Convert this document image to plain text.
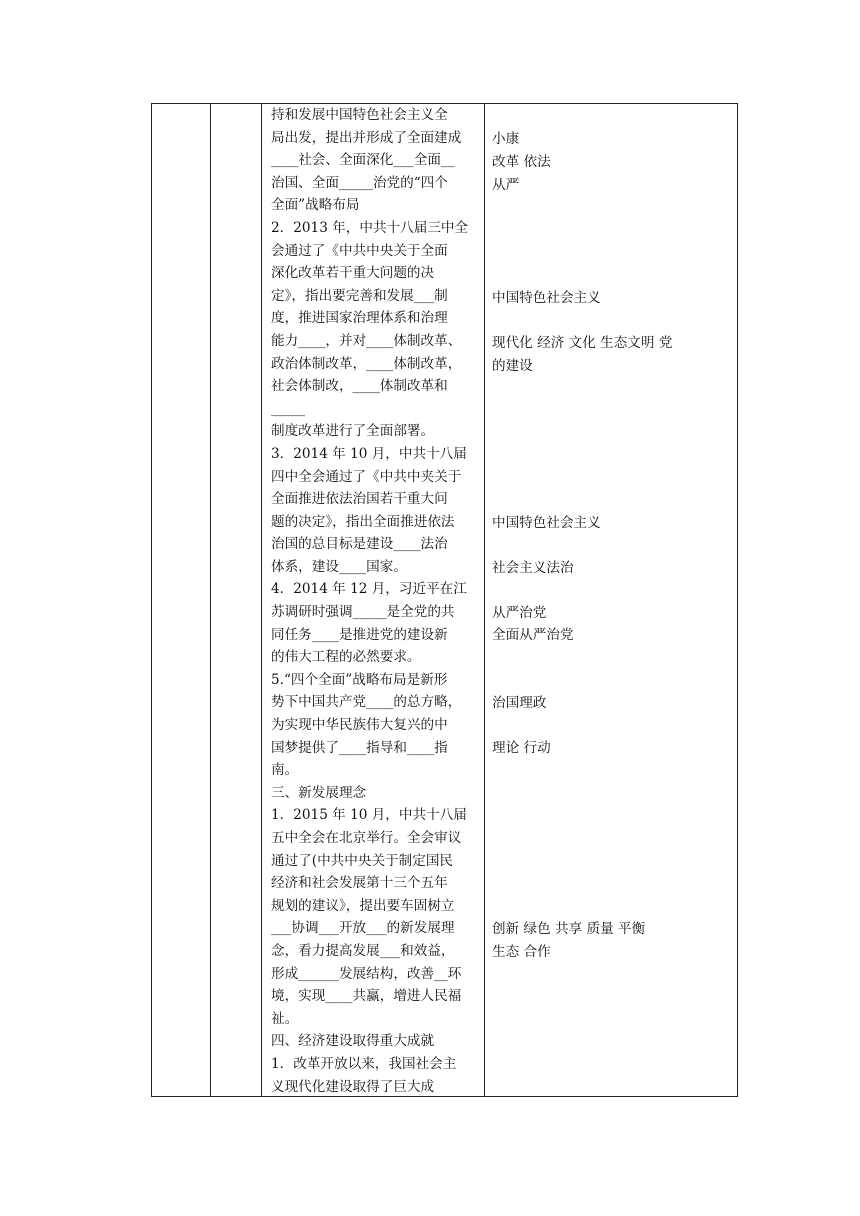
持和发展中国特色社会主义全

局出发，提出并形成了全面建成

____社会、全面深化___全面__

治国、全面_____治党的“四个

全面”战略布局

2．2013 年，中共十八届三中全

会通过了《中共中央关于全面

深化改革若干重大问题的决

定》，指出要完善和发展___制

度，推进国家治理体系和治理

能力____，并对____体制改革、

政治体制改革，____体制改革，

社会体制改，____体制改革和

_____

制度改革进行了全面部署。

3．2014 年 10 月，中共十八届

四中全会通过了《中共中夹关于

全面推进依法治国若干重大问

题的决定》，指出全面推进依法

治国的总目标是建设____法治

体系，建设____国家。

4．2014 年 12 月，习近平在江

苏调研时强调_____是全党的共

同任务____是推进党的建设新

的伟大工程的必然要求。

5.“四个全面”战略布局是新形

势下中国共产党____的总方略，

为实现中华民族伟大复兴的中

国梦提供了____指导和____指

南。

三、新发展理念

1．2015 年 10 月，中共十八届

五中全会在北京举行。全会审议

通过了(中共中央关于制定国民

经济和社会发展第十三个五年

规划的建议》，提出要车固树立

___协调___开放___的新发展理

念，看力提高发展___和效益，

形成______发展结构，改善__环

境，实现____共赢，增进人民福

祉。

四、经济建设取得重大成就

1．改革开放以来，我国社会主

义现代化建设取得了巨大成

小康
改革 依法
从严
中国特色社会主义
现代化 经济 文化 生态文明 党
的建设
中国特色社会主义
社会主义法治
从严治党
全面从严治党
治国理政
理论 行动
创新 绿色 共享 质量 平衡
生态 合作
